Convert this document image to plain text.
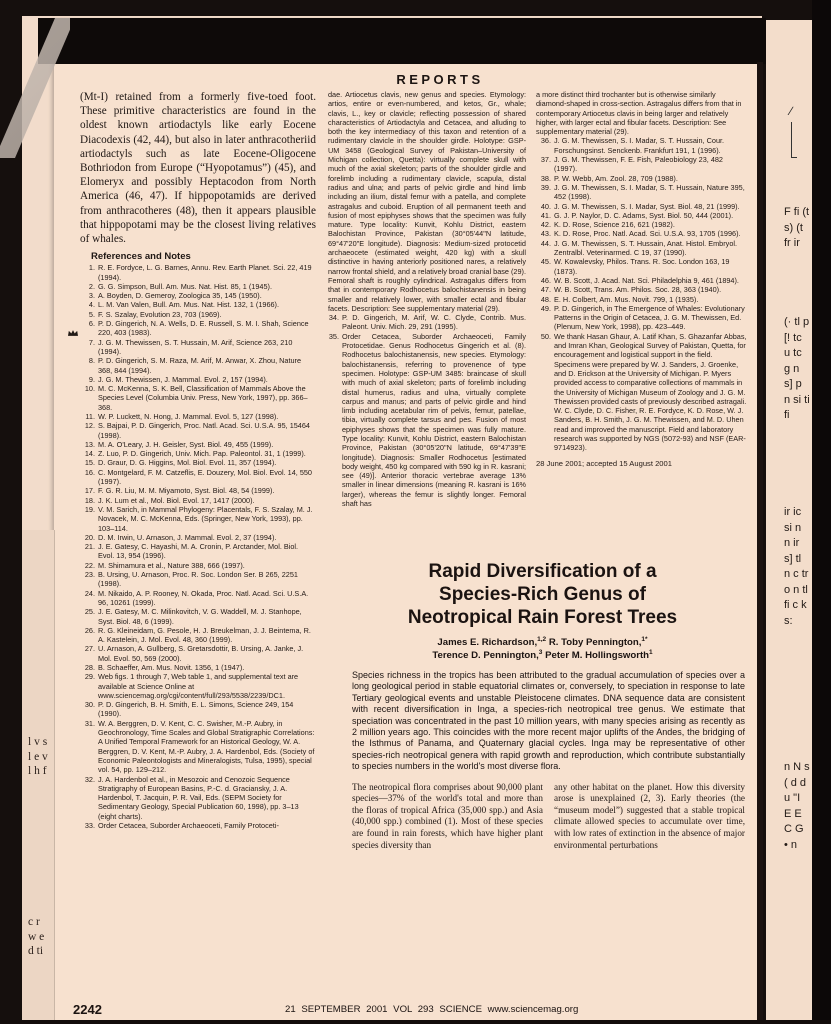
∕
F fi (t s) (t fr ir
(· tl p [! tc u tc g n s] p n si ti fi
ir ic si n n ir s] tl n c tr o n tl fi c k s:
n N s ( d d u "I E E C G • n
l v s l e v l h f
c r w e d ti
REPORTS

(Mt-I) retained from a formerly five-toed foot. These primitive characteristics are found in the oldest known artiodactyls like early Eocene Diacodexis (42, 44), but also in later anthracotheriid artiodactyls such as late Eocene-Oligocene Bothriodon from Europe (“Hyopotamus”) (45), and Elomeryx and possibly Heptacodon from North America (46, 47). If hippopotamids are derived from anthracotheres (48), then it appears plausible that hippopotami may be the closest living relatives of whales.

References and Notes

1. R. E. Fordyce, L. G. Barnes, Annu. Rev. Earth Planet. Sci. 22, 419 (1994).

2. G. G. Simpson, Bull. Am. Mus. Nat. Hist. 85, 1 (1945).

3. A. Boyden, D. Gemeroy, Zoologica 35, 145 (1950).

4. L. M. Van Valen, Bull. Am. Mus. Nat. Hist. 132, 1 (1966).

5. F. S. Szalay, Evolution 23, 703 (1969).

6. P. D. Gingerich, N. A. Wells, D. E. Russell, S. M. I. Shah, Science 220, 403 (1983).

7. J. G. M. Thewissen, S. T. Hussain, M. Arif, Science 263, 210 (1994).

8. P. D. Gingerich, S. M. Raza, M. Arif, M. Anwar, X. Zhou, Nature 368, 844 (1994).

9. J. G. M. Thewissen, J. Mammal. Evol. 2, 157 (1994).

10. M. C. McKenna, S. K. Bell, Classification of Mammals Above the Species Level (Columbia Univ. Press, New York, 1997), pp. 366–368.

11. W. P. Luckett, N. Hong, J. Mammal. Evol. 5, 127 (1998).

12. S. Bajpai, P. D. Gingerich, Proc. Natl. Acad. Sci. U.S.A. 95, 15464 (1998).

13. M. A. O'Leary, J. H. Geisler, Syst. Biol. 49, 455 (1999).

14. Z. Luo, P. D. Gingerich, Univ. Mich. Pap. Paleontol. 31, 1 (1999).

15. D. Graur, D. G. Higgins, Mol. Biol. Evol. 11, 357 (1994).

16. C. Montgelard, F. M. Catzeflis, E. Douzery, Mol. Biol. Evol. 14, 550 (1997).

17. F. G. R. Liu, M. M. Miyamoto, Syst. Biol. 48, 54 (1999).

18. J. K. Lum et al., Mol. Biol. Evol. 17, 1417 (2000).

19. V. M. Sarich, in Mammal Phylogeny: Placentals, F. S. Szalay, M. J. Novacek, M. C. McKenna, Eds. (Springer, New York, 1993), pp. 103–114.

20. D. M. Irwin, U. Arnason, J. Mammal. Evol. 2, 37 (1994).

21. J. E. Gatesy, C. Hayashi, M. A. Cronin, P. Arctander, Mol. Biol. Evol. 13, 954 (1996).

22. M. Shimamura et al., Nature 388, 666 (1997).

23. B. Ursing, U. Arnason, Proc. R. Soc. London Ser. B 265, 2251 (1998).

24. M. Nikaido, A. P. Rooney, N. Okada, Proc. Natl. Acad. Sci. U.S.A. 96, 10261 (1999).

25. J. E. Gatesy, M. C. Milinkovitch, V. G. Waddell, M. J. Stanhope, Syst. Biol. 48, 6 (1999).

26. R. G. Kleineidam, G. Pesole, H. J. Breukelman, J. J. Beintema, R. A. Kastelein, J. Mol. Evol. 48, 360 (1999).

27. U. Arnason, A. Gullberg, S. Gretarsdottir, B. Ursing, A. Janke, J. Mol. Evol. 50, 569 (2000).

28. B. Schaeffer, Am. Mus. Novit. 1356, 1 (1947).

29. Web figs. 1 through 7, Web table 1, and supplemental text are available at Science Online at www.sciencemag.org/cgi/content/full/293/5538/2239/DC1.

30. P. D. Gingerich, B. H. Smith, E. L. Simons, Science 249, 154 (1990).

31. W. A. Berggren, D. V. Kent, C. C. Swisher, M.-P. Aubry, in Geochronology, Time Scales and Global Stratigraphic Correlations: A Unified Temporal Framework for an Historical Geology, W. A. Berggren, D. V. Kent, M.-P. Aubry, J. A. Hardenbol, Eds. (Society of Economic Paleontologists and Mineralogists, Tulsa, 1995), special vol. 54, pp. 129–212.

32. J. A. Hardenbol et al., in Mesozoic and Cenozoic Sequence Stratigraphy of European Basins, P.-C. d. Graciansky, J. A. Hardenbol, T. Jacquin, P. R. Vail, Eds. (SEPM Society for Sedimentary Geology, Special Publication 60, 1998), pp. 3–13 (eight charts).

33. Order Cetacea, Suborder Archaeoceti, Family Protoceti-

dae. Artiocetus clavis, new genus and species. Etymology: artios, entire or even-numbered, and ketos, Gr., whale; clavis, L., key or clavicle; reflecting possession of shared characteristics of Artiodactyla and Cetacea, and alluding to both the key intermediacy of this taxon and retention of a rudimentary clavicle in the shoulder girdle. Holotype: GSP-UM 3458 (Geological Survey of Pakistan–University of Michigan collection, Quetta): virtually complete skull with much of the axial skeleton; parts of the shoulder girdle and forelimb including a rudimentary clavicle, scapula, distal radius and ulna; and parts of pelvic girdle and hind limb including an ilium, distal femur with a patella, and complete astragalus and cuboid. Eruption of all permanent teeth and fusion of most epiphyses shows that the specimen was fully mature. Type locality: Kunvit, Kohlu District, eastern Balochistan Province, Pakistan (30°05'44"N latitude, 69°47'20"E longitude). Diagnosis: Medium-sized protocetid archaeocete (estimated weight, 420 kg) with a skull distinctive in having anteriorly positioned nares, a relatively narrow frontal shield, and a relatively broad cranial base (29). Femoral shaft is roughly cylindrical. Astragalus differs from that in contemporary Rodhocetus balochistanensis in being smaller and relatively lower, with smaller ectal and fibular facets. Description: See supplementary material (29).

34. P. D. Gingerich, M. Arif, W. C. Clyde, Contrib. Mus. Paleont. Univ. Mich. 29, 291 (1995).

35. Order Cetacea, Suborder Archaeoceti, Family Protocetidae. Genus Rodhocetus Gingerich et al. (8). Rodhocetus balochistanensis, new species. Etymology: balochistanensis, referring to provenence of type specimen. Holotype: GSP-UM 3485: braincase of skull with much of axial skeleton; parts of forelimb including distal humerus, radius and ulna, virtually complete carpus and manus; and parts of pelvic girdle and hind limb including acetabular rim of pelvis, femur, patellae, tibia, virtually complete tarsus and pes. Fusion of most epiphyses shows that the specimen was fully mature. Type locality: Kunvit, Kohlu District, eastern Balochistan Province, Pakistan (30°05'20"N latitude, 69°47'39"E longitude). Diagnosis: Smaller Rodhocetus [estimated body weight, 450 kg compared with 590 kg in R. kasrani; see (49)]. Anterior thoracic vertebrae average 13% smaller in linear dimensions (meaning R. kasrani is 16% larger), whereas the femur is slightly longer. Femoral shaft has

a more distinct third trochanter but is otherwise similarly diamond-shaped in cross-section. Astragalus differs from that in contemporary Artiocetus clavis in being larger and relatively higher, with larger ectal and fibular facets. Description: See supplementary material (29).

36. J. G. M. Thewissen, S. I. Madar, S. T. Hussain, Cour. Forschungsinst. Senckenb. Frankfurt 191, 1 (1996).

37. J. G. M. Thewissen, F. E. Fish, Paleobiology 23, 482 (1997).

38. P. W. Webb, Am. Zool. 28, 709 (1988).

39. J. G. M. Thewissen, S. I. Madar, S. T. Hussain, Nature 395, 452 (1998).

40. J. G. M. Thewissen, S. I. Madar, Syst. Biol. 48, 21 (1999).

41. G. J. P. Naylor, D. C. Adams, Syst. Biol. 50, 444 (2001).

42. K. D. Rose, Science 216, 621 (1982).

43. K. D. Rose, Proc. Natl. Acad. Sci. U.S.A. 93, 1705 (1996).

44. J. G. M. Thewissen, S. T. Hussain, Anat. Histol. Embryol. Zentralbl. Veterinarmed. C 19, 37 (1990).

45. W. Kowalevsky, Philos. Trans. R. Soc. London 163, 19 (1873).

46. W. B. Scott, J. Acad. Nat. Sci. Philadelphia 9, 461 (1894).

47. W. B. Scott, Trans. Am. Philos. Soc. 28, 363 (1940).

48. E. H. Colbert, Am. Mus. Novit. 799, 1 (1935).

49. P. D. Gingerich, in The Emergence of Whales: Evolutionary Patterns in the Origin of Cetacea, J. G. M. Thewissen, Ed. (Plenum, New York, 1998), pp. 423–449.

50. We thank Hasan Ghaur, A. Latif Khan, S. Ghazanfar Abbas, and Imran Khan, Geological Survey of Pakistan, Quetta, for encouragement and logistical support in the field. Specimens were prepared by W. J. Sanders, J. Groenke, and D. Erickson at the University of Michigan. P. Myers provided access to comparative collections of mammals in the University of Michigan Museum of Zoology and J. G. M. Thewissen provided casts of previously described astragali. W. C. Clyde, D. C. Fisher, R. E. Fordyce, K. D. Rose, W. J. Sanders, B. H. Smith, J. G. M. Thewissen, and M. D. Uhen read and improved the manuscript. Field and laboratory research was supported by NGS (5072-93) and NSF (EAR-9714923).

28 June 2001; accepted 15 August 2001
Rapid Diversification of a
Species-Rich Genus of
Neotropical Rain Forest Trees
James E. Richardson,$^{1,2}$ R. Toby Pennington,$^{1*}$
Terence D. Pennington,$^3$ Peter M. Hollingsworth$^1$
Species richness in the tropics has been attributed to the gradual accumulation of species over a long geological period in stable equatorial climates or, conversely, to speciation in response to late Tertiary geological events and unstable Pleistocene climates. DNA sequence data are consistent with recent diversification in Inga, a species-rich neotropical tree genus. We estimate that speciation was concentrated in the past 10 million years, with many species arising as recently as 2 million years ago. This coincides with the more recent major uplifts of the Andes, the bridging of the Isthmus of Panama, and Quaternary glacial cycles. Inga may be representative of other species-rich neotropical genera with rapid growth and reproduction, which contribute substantially to species numbers in the world's most diverse flora.
The neotropical flora comprises about 90,000 plant species—37% of the world's total and more than the floras of tropical Africa (35,000 spp.) and Asia (40,000 spp.) combined (1). Most of these species are found in rain forests, which have higher plant species diversity than
any other habitat on the planet. How this diversity arose is unexplained (2, 3). Early theories (the “museum model”) suggested that a stable tropical climate allowed species to accumulate over time, with low rates of extinction in the absence of major environmental perturbations
2242	21 SEPTEMBER 2001 VOL 293 SCIENCE www.sciencemag.org
